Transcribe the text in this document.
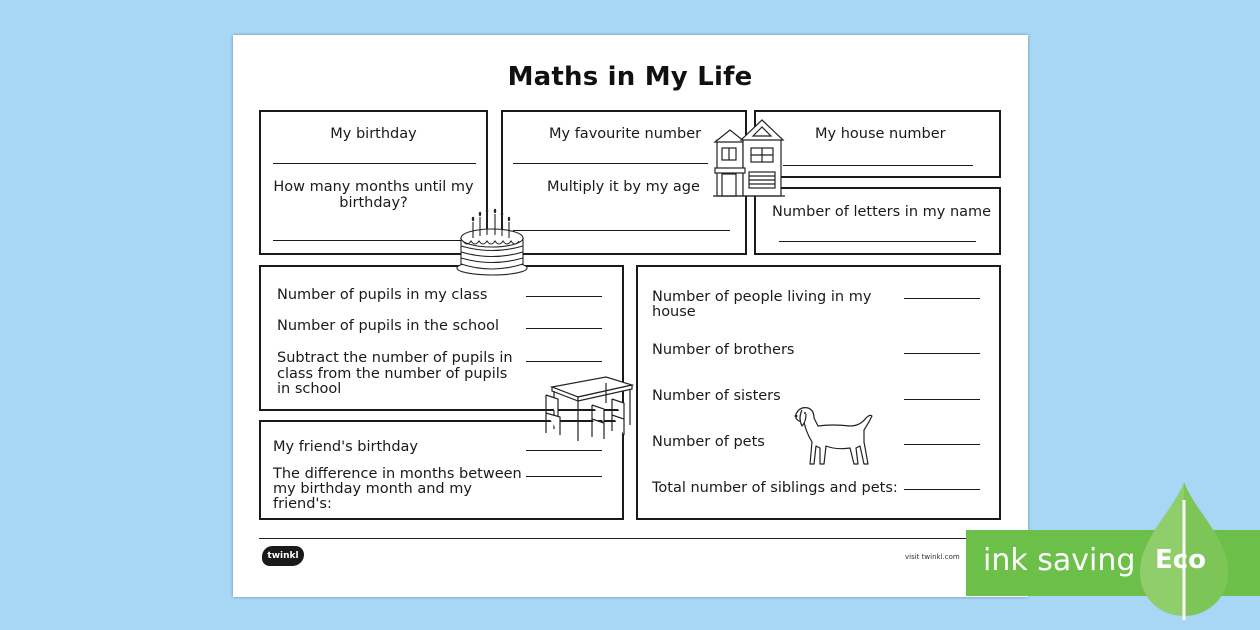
Maths in My Life
My birthday
How many months until my birthday?
My favourite number
Multiply it by my age
My house number
Number of letters in my name
Number of pupils in my class
Number of pupils in the school
Subtract the number of pupils in
class from the number of pupils
in school
My friend's birthday
The difference in months between
my birthday month and my
friend's:
Number of people living in my
house
Number of brothers
Number of sisters
Number of pets
Total number of siblings and pets:
twinkl	visit twinkl.com ink saving Eco
